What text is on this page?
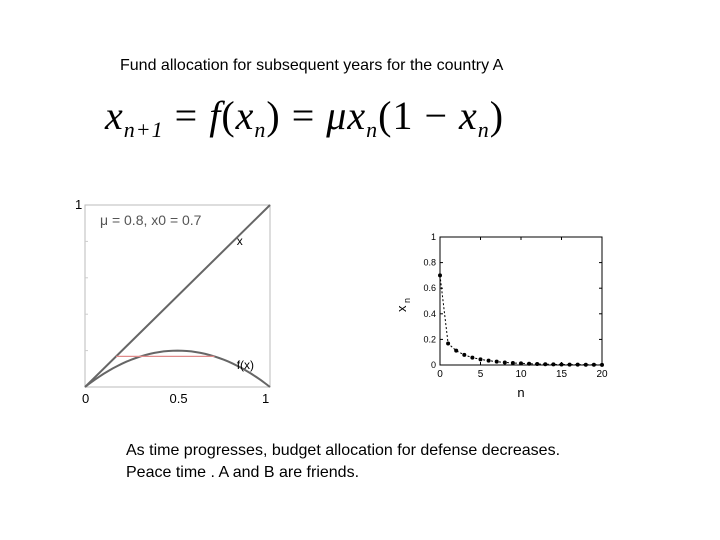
Fund allocation for subsequent years for the country A
$x_{n+1} = f(x_n) = \mu x_n(1 - x_n)$
x
f(x)
μ = 0.8, x0 = 0.7
1
0	0.5	1
0
0.2
0.4
0.6
0.8
1
0	5	10	15	20
n
x
n
As time progresses, budget allocation for defense decreases.
Peace time . A and B are friends.
